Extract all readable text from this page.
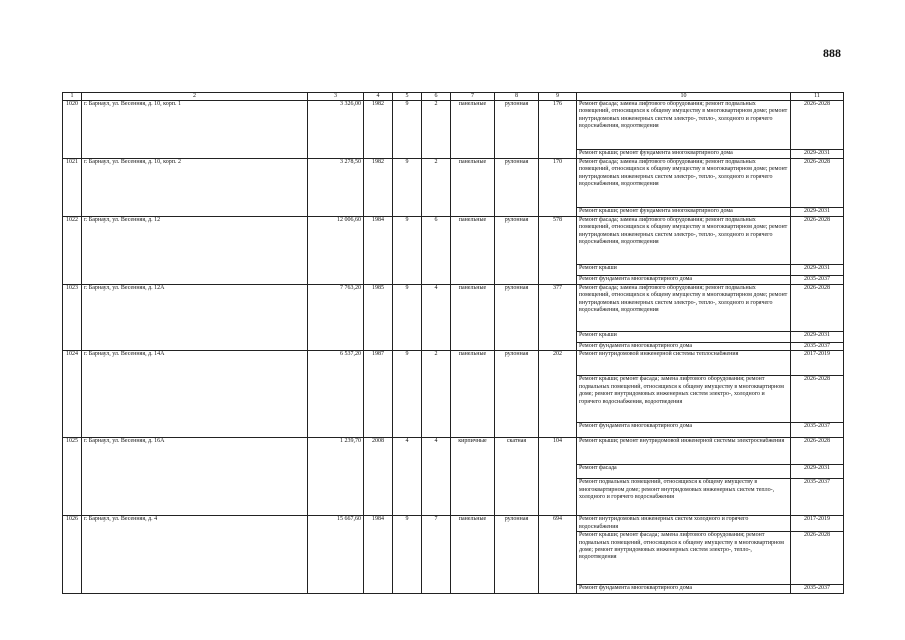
888
1	2	3	4	5	6	7	8	9	10	11
1020	г. Барнаул, ул. Весенняя, д. 10, корп. 1	3 326,00	1982	9	2	панельные	рулонная	176	Ремонт фасада; замена лифтового оборудования; ремонт подвальных помещений, относящихся к общему имуществу в многоквартирном доме; ремонт внутридомовых инженерных систем электро-, тепло-, холодного и горячего водоснабжения, водоотведения	2026-2028
									Ремонт крыши; ремонт фундамента многоквартирного дома	2029-2031
1021	г. Барнаул, ул. Весенняя, д. 10, корп. 2	3 278,50	1982	9	2	панельные	рулонная	170	Ремонт фасада; замена лифтового оборудования; ремонт подвальных помещений, относящихся к общему имуществу в многоквартирном доме; ремонт внутридомовых инженерных систем электро-, тепло-, холодного и горячего водоснабжения, водоотведения	2026-2028
									Ремонт крыши; ремонт фундамента многоквартирного дома	2029-2031
1022	г. Барнаул, ул. Весенняя, д. 12	12 006,60	1984	9	6	панельные	рулонная	578	Ремонт фасада; замена лифтового оборудования; ремонт подвальных помещений, относящихся к общему имуществу в многоквартирном доме; ремонт внутридомовых инженерных систем электро-, тепло-, холодного и горячего водоснабжения, водоотведения	2026-2028
									Ремонт крыши	2029-2031
									Ремонт фундамента многоквартирного дома	2035-2037
1023	г. Барнаул, ул. Весенняя, д. 12А	7 763,20	1985	9	4	панельные	рулонная	377	Ремонт фасада; замена лифтового оборудования; ремонт подвальных помещений, относящихся к общему имуществу в многоквартирном доме; ремонт внутридомовых инженерных систем электро-, тепло-, холодного и горячего водоснабжения, водоотведения	2026-2028
									Ремонт крыши	2029-2031
									Ремонт фундамента многоквартирного дома	2035-2037
1024	г. Барнаул, ул. Весенняя, д. 14А	6 537,20	1987	9	2	панельные	рулонная	202	Ремонт внутридомовой инженерной системы теплоснабжения	2017-2019
									Ремонт крыши; ремонт фасада; замена лифтового оборудования; ремонт подвальных помещений, относящихся к общему имуществу в многоквартирном доме; ремонт внутридомовых инженерных систем электро-, холодного и горячего водоснабжения, водоотведения	2026-2028
									Ремонт фундамента многоквартирного дома	2035-2037
1025	г. Барнаул, ул. Весенняя, д. 16А	1 239,70	2008	4	4	кирпичные	скатная	104	Ремонт крыши; ремонт внутридомовой инженерной системы электроснабжения	2026-2028
									Ремонт фасада	2029-2031
									Ремонт подвальных помещений, относящихся к общему имуществу в многоквартирном доме; ремонт внутридомовых инженерных систем тепло-, холодного и горячего водоснабжения	2035-2037
1026	г. Барнаул, ул. Весенняя, д. 4	15 667,60	1984	9	7	панельные	рулонная	694	Ремонт внутридомовых инженерных систем холодного и горячего водоснабжения	2017-2019
									Ремонт крыши; ремонт фасада; замена лифтового оборудования; ремонт подвальных помещений, относящихся к общему имуществу в многоквартирном доме; ремонт внутридомовых инженерных систем электро-, тепло-, водоотведения	2026-2028
									Ремонт фундамента многоквартирного дома	2035-2037
